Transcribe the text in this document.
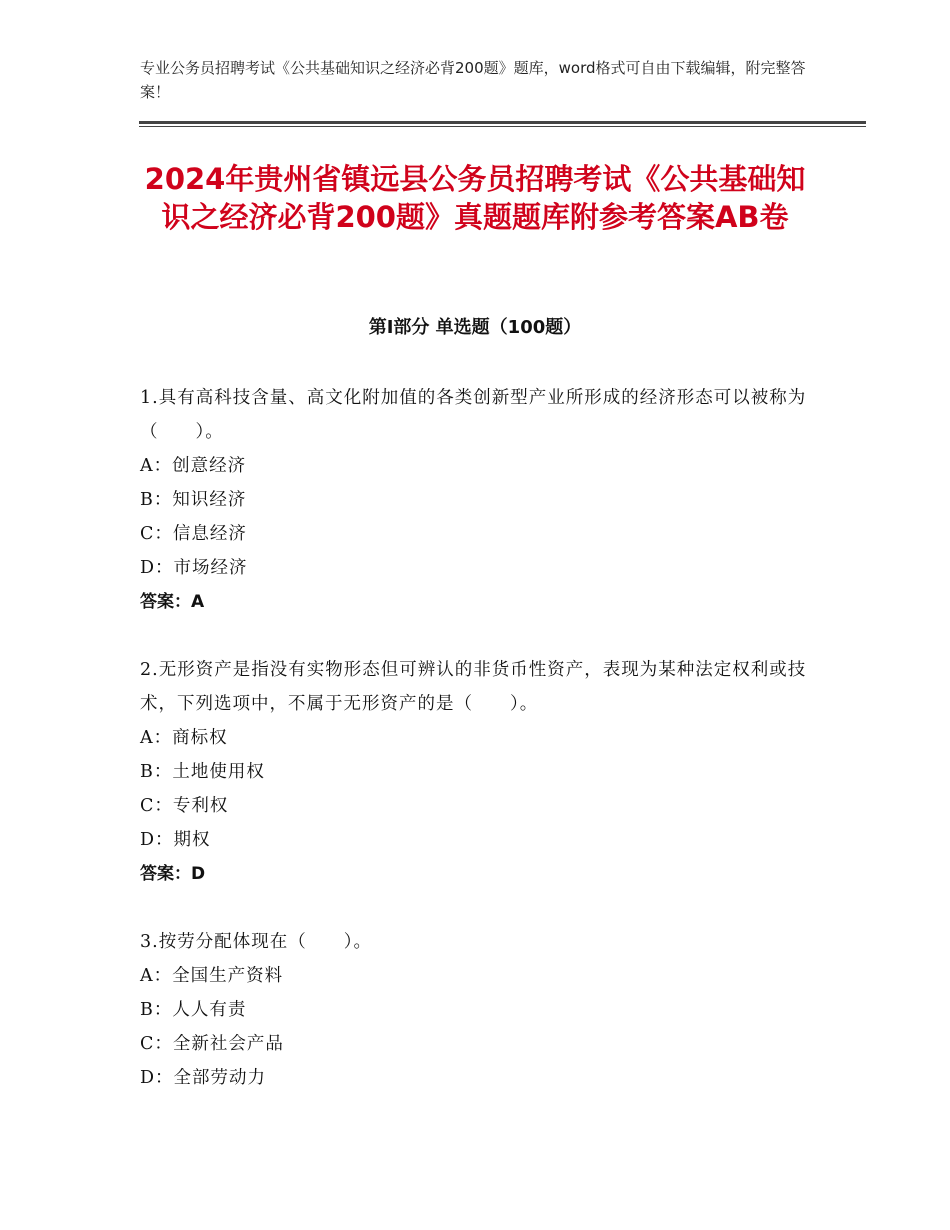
专业公务员招聘考试《公共基础知识之经济必背200题》题库，word格式可自由下载编辑，附完整答案！
2024年贵州省镇远县公务员招聘考试《公共基础知识之经济必背200题》真题题库附参考答案AB卷
第Ⅰ部分 单选题（100题）
1.具有高科技含量、高文化附加值的各类创新型产业所形成的经济形态可以被称为（　　）。
A：创意经济
B：知识经济
C：信息经济
D：市场经济
答案：A
2.无形资产是指没有实物形态但可辨认的非货币性资产，表现为某种法定权利或技术，下列选项中，不属于无形资产的是（　　）。
A：商标权
B：土地使用权
C：专利权
D：期权
答案：D
3.按劳分配体现在（　　）。
A：全国生产资料
B：人人有责
C：全新社会产品
D：全部劳动力
